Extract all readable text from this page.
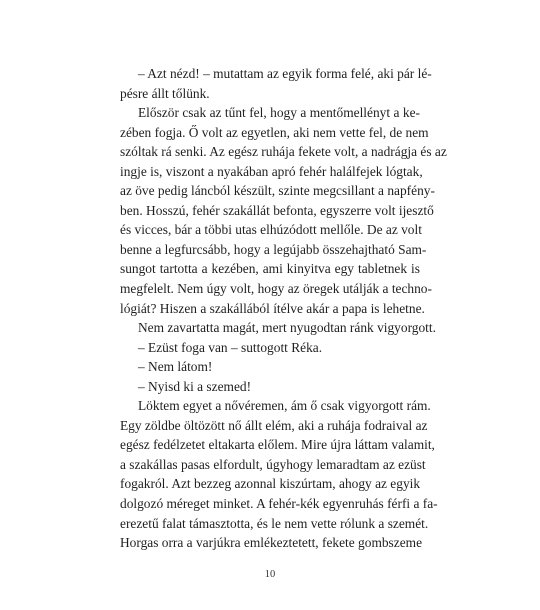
– Azt nézd! – mutattam az egyik forma felé, aki pár lé-
pésre állt tőlünk.
Először csak az tűnt fel, hogy a mentőmellényt a ke-
zében fogja. Ő volt az egyetlen, aki nem vette fel, de nem
szóltak rá senki. Az egész ruhája fekete volt, a nadrágja és az
ingje is, viszont a nyakában apró fehér halálfejek lógtak,
az öve pedig láncból készült, szinte megcsillant a napfény-
ben. Hosszú, fehér szakállát befonta, egyszerre volt ijesztő
és vicces, bár a többi utas elhúzódott mellőle. De az volt
benne a legfurcsább, hogy a legújabb összehajtható Sam-
sungot tartotta a kezében, ami kinyitva egy tabletnek is
megfelelt. Nem úgy volt, hogy az öregek utálják a techno-
lógiát? Hiszen a szakállából ítélve akár a papa is lehetne.
Nem zavartatta magát, mert nyugodtan ránk vigyorgott.
– Ezüst foga van – suttogott Réka.
– Nem látom!
– Nyisd ki a szemed!
Löktem egyet a nővéremen, ám ő csak vigyorgott rám.
Egy zöldbe öltözött nő állt elém, aki a ruhája fodraival az
egész fedélzetet eltakarta előlem. Mire újra láttam valamit,
a szakállas pasas elfordult, úgyhogy lemaradtam az ezüst
fogakról. Azt bezzeg azonnal kiszúrtam, ahogy az egyik
dolgozó méreget minket. A fehér-kék egyenruhás férfi a fa-
erezetű falat támasztotta, és le nem vette rólunk a szemét.
Horgas orra a varjúkra emlékeztetett, fekete gombszeme
10
